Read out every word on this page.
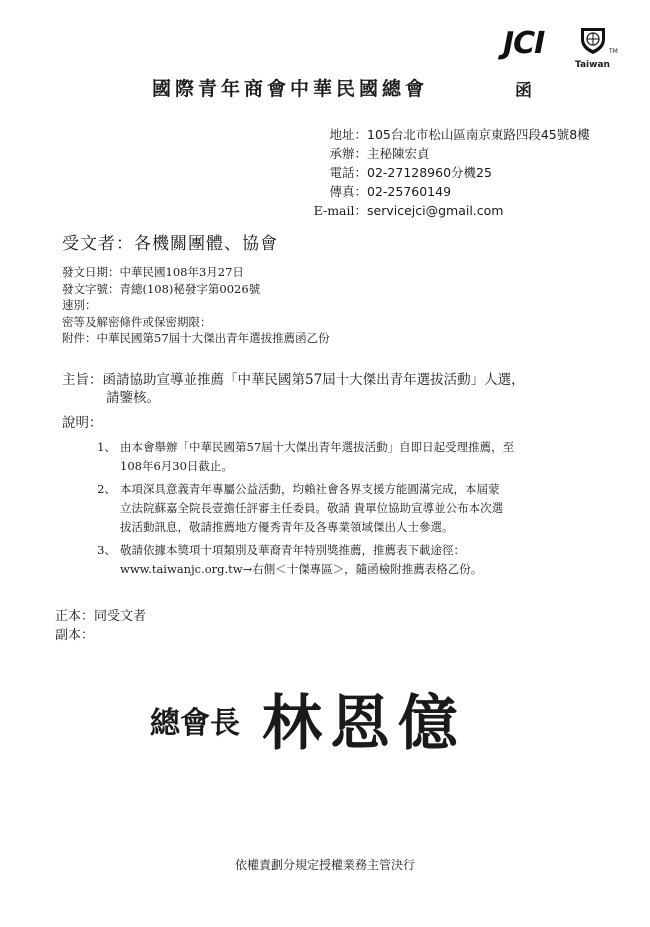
JCI	TM
Taiwan
國際青年商會中華民國總會	函
地址： 105台北市松山區南京東路四段45號8樓
承辦： 主秘陳宏貞
電話： 02-27128960分機25
傳真： 02-25760149
E-mail： servicejci@gmail.com
受文者：各機關團體、協會
發文日期：中華民國108年3月27日
發文字號：青總(108)秘發字第0026號
速別：
密等及解密條件或保密期限：
附件：中華民國第57屆十大傑出青年選拔推薦函乙份
主旨： 函請協助宣導並推薦「中華民國第57屆十大傑出青年選拔活動」人選，
請鑒核。
說明：
1、 由本會舉辦「中華民國第57屆十大傑出青年選拔活動」自即日起受理推薦，至
108年6月30日截止。
2、 本項深具意義青年專屬公益活動，均賴社會各界支援方能圓滿完成，本屆蒙
立法院蘇嘉全院長壹擔任評審主任委員。敬請 貴單位協助宣導並公布本次選
拔活動訊息，敬請推薦地方優秀青年及各專業領域傑出人士參選。
3、 敬請依據本獎項十項類別及華裔青年特別獎推薦，推薦表下載途徑：
www.taiwanjc.org.tw→右側＜十傑專區＞，隨函檢附推薦表格乙份。
正本：同受文者
副本：
總會長 林恩億
依權責劃分規定授權業務主管決行
